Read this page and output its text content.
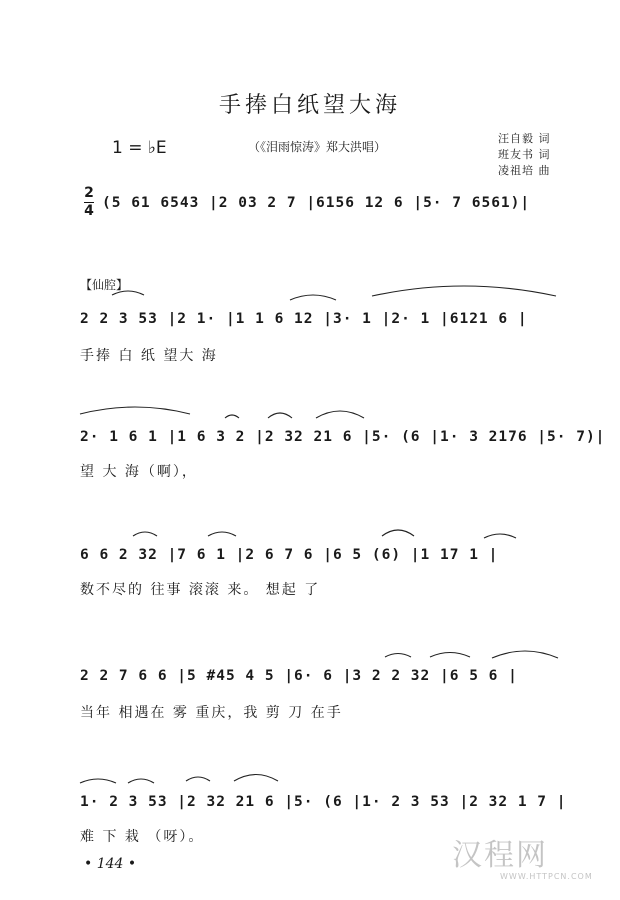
手捧白纸望大海
1 = ♭E	（《泪雨惊涛》郑大洪唱）
汪自毅 词
班友书 词
凌祖培 曲
2
4
【仙腔】
(5 61 6543 |2 03 2 7 |6156 12 6 |5· 7 6561)|
2 2 3 53 |2 1· |1 1 6 12 |3· 1 |2· 1 |6121 6 |
手捧 白 纸 望大 海
2· 1 6 1 |1 6 3 2 |2 32 21 6 |5· (6 |1· 3 2176 |5· 7)|
望 大 海（啊），
6 6 2 32 |7 6 1 |2 6 7 6 |6 5 (6) |1 17 1 |
数不尽的 往事 滚滚 来。 想起 了
2 2 7 6 6 |5 #45 4 5 |6· 6 |3 2 2 32 |6 5 6 |
当年 相遇在 雾 重庆，我 剪 刀 在手
1· 2 3 53 |2 32 21 6 |5· (6 |1· 2 3 53 |2 32 1 7 |
难 下 栽 （呀）。
• 144 •	汉程网
WWW.HTTPCN.COM
